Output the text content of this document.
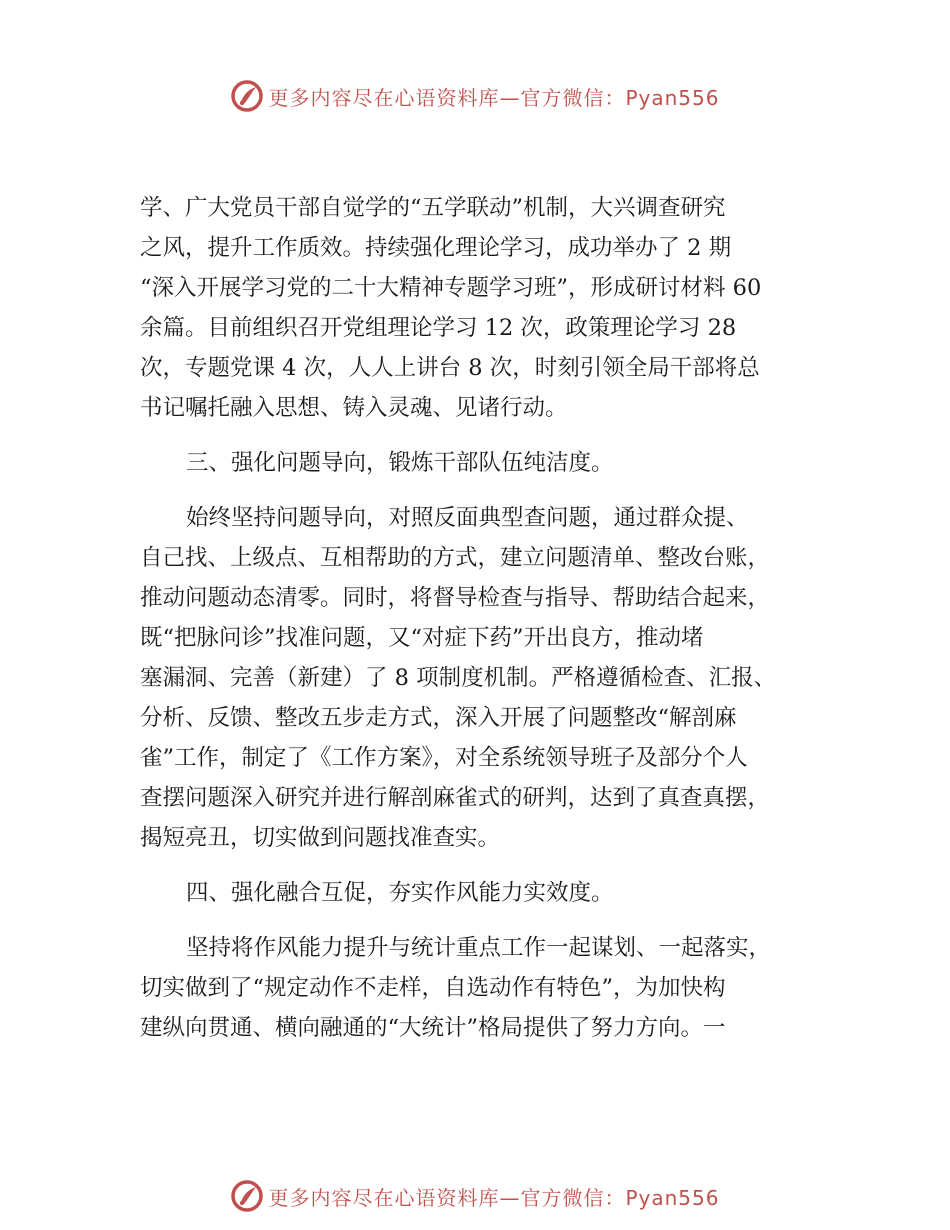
更多内容尽在心语资料库—官方微信：Pyan556
学、广大党员干部自觉学的“五学联动”机制，大兴调查研究
之风，提升工作质效。持续强化理论学习，成功举办了 2 期
“深入开展学习党的二十大精神专题学习班”，形成研讨材料 60
余篇。目前组织召开党组理论学习 12 次，政策理论学习 28
次，专题党课 4 次，人人上讲台 8 次，时刻引领全局干部将总
书记嘱托融入思想、铸入灵魂、见诸行动。
三、强化问题导向，锻炼干部队伍纯洁度。
始终坚持问题导向，对照反面典型查问题，通过群众提、
自己找、上级点、互相帮助的方式，建立问题清单、整改台账，
推动问题动态清零。同时，将督导检查与指导、帮助结合起来，
既“把脉问诊”找准问题，又“对症下药”开出良方，推动堵
塞漏洞、完善（新建）了 8 项制度机制。严格遵循检查、汇报、
分析、反馈、整改五步走方式，深入开展了问题整改“解剖麻
雀”工作，制定了《工作方案》，对全系统领导班子及部分个人
查摆问题深入研究并进行解剖麻雀式的研判，达到了真查真摆，
揭短亮丑，切实做到问题找准查实。
四、强化融合互促，夯实作风能力实效度。
坚持将作风能力提升与统计重点工作一起谋划、一起落实，
切实做到了“规定动作不走样，自选动作有特色”，为加快构
建纵向贯通、横向融通的“大统计”格局提供了努力方向。一
更多内容尽在心语资料库—官方微信：Pyan556
